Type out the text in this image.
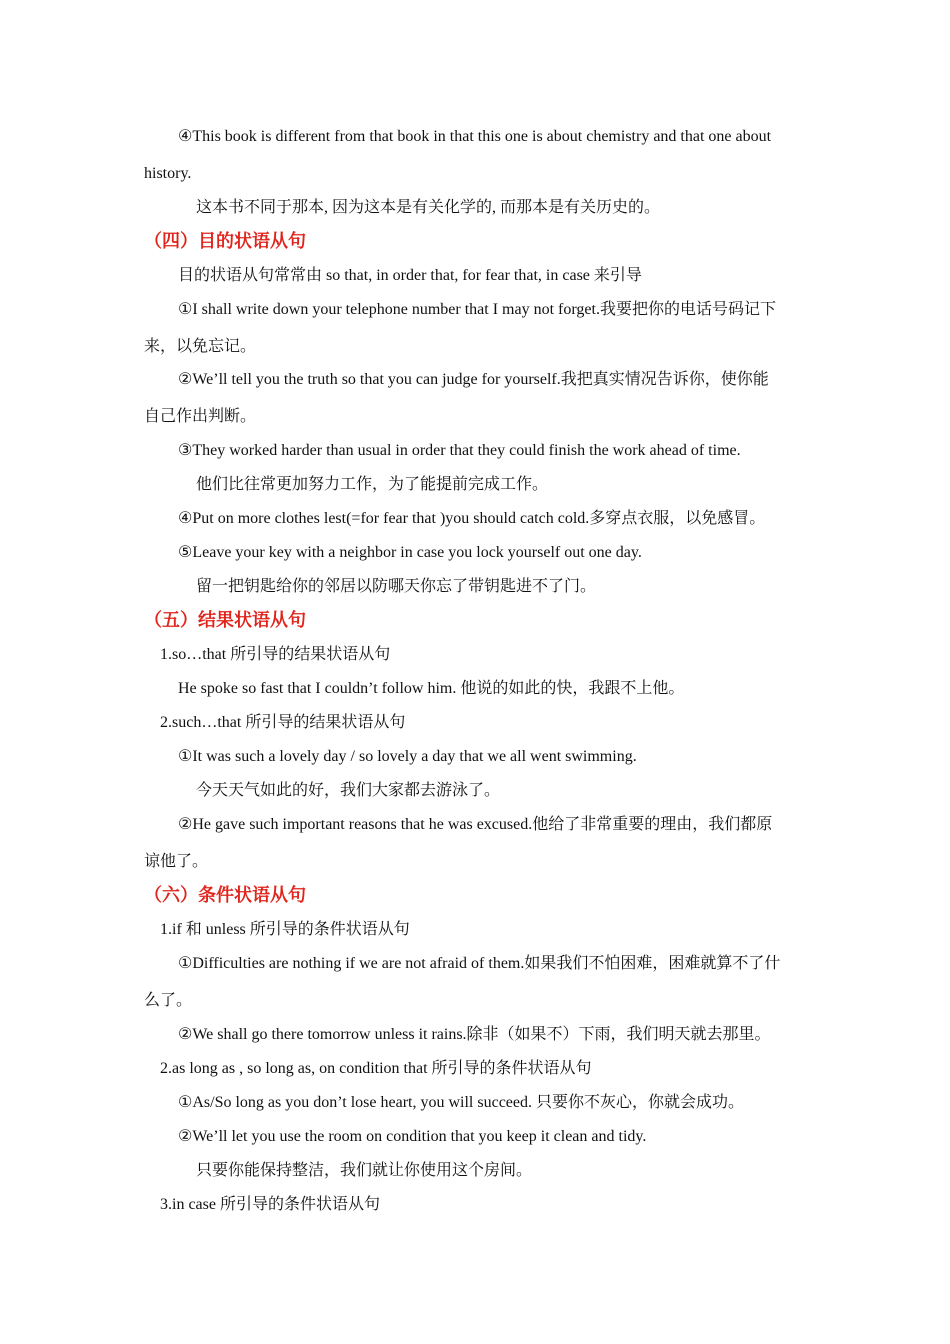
④This book is different from that book in that this one is about chemistry and that one about
history.
这本书不同于那本, 因为这本是有关化学的, 而那本是有关历史的。
（四）目的状语从句
目的状语从句常常由 so that, in order that, for fear that, in case 来引导
①I shall write down your telephone number that I may not forget.我要把你的电话号码记下
来，以免忘记。
②We’ll tell you the truth so that you can judge for yourself.我把真实情况告诉你，使你能
自己作出判断。
③They worked harder than usual in order that they could finish the work ahead of time.
他们比往常更加努力工作，为了能提前完成工作。
④Put on more clothes lest(=for fear that )you should catch cold.多穿点衣服，以免感冒。
⑤Leave your key with a neighbor in case you lock yourself out one day.
留一把钥匙给你的邻居以防哪天你忘了带钥匙进不了门。
（五）结果状语从句
1.so…that 所引导的结果状语从句
He spoke so fast that I couldn’t follow him. 他说的如此的快，我跟不上他。
2.such…that 所引导的结果状语从句
①It was such a lovely day / so lovely a day that we all went swimming.
今天天气如此的好，我们大家都去游泳了。
②He gave such important reasons that he was excused.他给了非常重要的理由，我们都原
谅他了。
（六）条件状语从句
1.if 和 unless 所引导的条件状语从句
①Difficulties are nothing if we are not afraid of them.如果我们不怕困难，困难就算不了什
么了。
②We shall go there tomorrow unless it rains.除非（如果不）下雨，我们明天就去那里。
2.as long as , so long as, on condition that 所引导的条件状语从句
①As/So long as you don’t lose heart, you will succeed. 只要你不灰心，你就会成功。
②We’ll let you use the room on condition that you keep it clean and tidy.
只要你能保持整洁，我们就让你使用这个房间。
3.in case 所引导的条件状语从句
